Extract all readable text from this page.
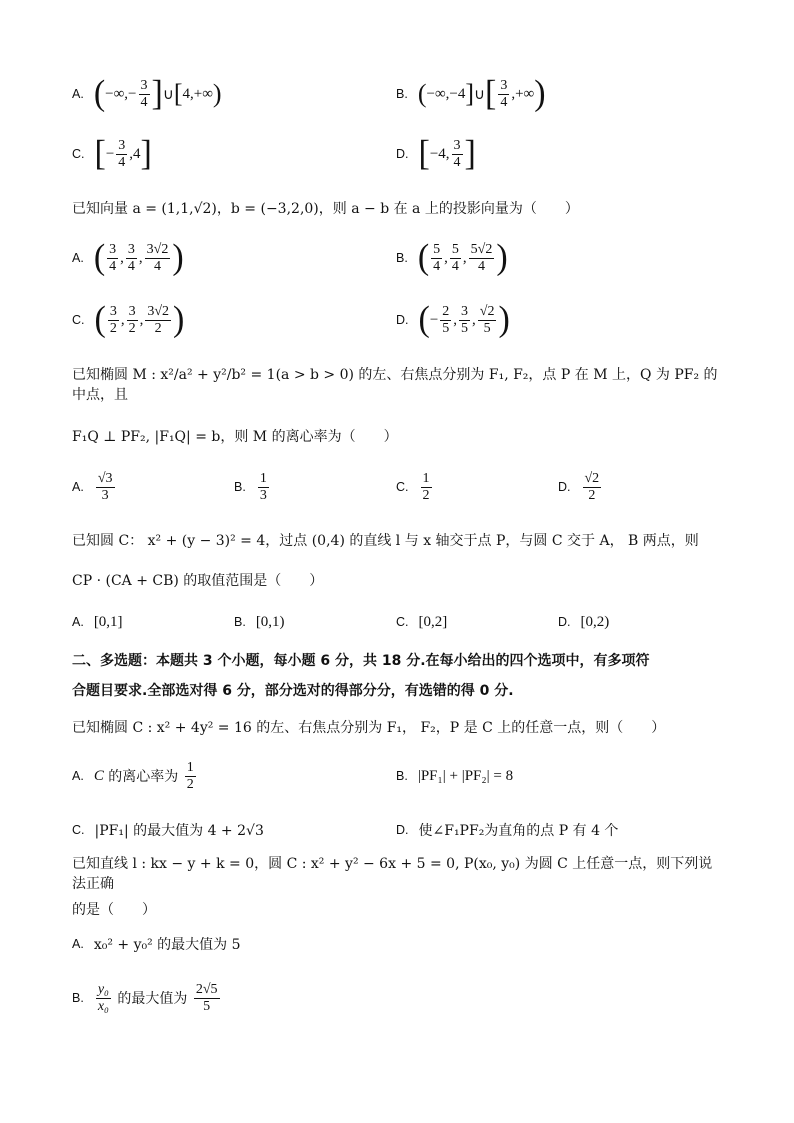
A. ( −∞,− $\frac{3}{4}$ ] ∪ [ 4,+∞ )	B. ( −∞,−4 ] ∪ [ $\frac{3}{4}$ ,+∞ )
C. [ − $\frac{3}{4} ,4$ ]	D. [ −4, $\frac{3}{4}$ ]
已知向量 a = (1,1,√2)，b = (−3,2,0)，则 a − b 在 a 上的投影向量为（　　）
A. ( $\frac{3}{4}$ , $\frac{3}{4}$ , $\frac{3√2}{4}$ )	B. ( $\frac{5}{4}$ , $\frac{5}{4}$ , $\frac{5√2}{4}$ )
C. ( $\frac{3}{2}$ , $\frac{3}{2}$ , $\frac{3√2}{2}$ )	D. ( − $\frac{2}{5}$ , $\frac{3}{5}$ , $\frac{√2}{5}$ )
已知椭圆 M : x²/a² + y²/b² = 1(a > b > 0) 的左、右焦点分别为 F₁, F₂，点 P 在 M 上，Q 为 PF₂ 的中点，且
F₁Q ⊥ PF₂, |F₁Q| = b，则 M 的离心率为（　　）
A. $\frac{√3}{3}$	B. $\frac{1}{3}$	C. $\frac{1}{2}$	D. $\frac{√2}{2}$
已知圆 C： x² + (y − 3)² = 4，过点 (0,4) 的直线 l 与 x 轴交于点 P，与圆 C 交于 A， B 两点，则
CP · (CA + CB) 的取值范围是（　　）
A. [0,1]	B. [0,1)	C. [0,2]	D. [0,2)
二、多选题：本题共 3 个小题，每小题 6 分，共 18 分.在每小给出的四个选项中，有多项符
合题目要求.全部选对得 6 分，部分选对的得部分分，有选错的得 0 分.
已知椭圆 C : x² + 4y² = 16 的左、右焦点分别为 F₁， F₂，P 是 C 上的任意一点，则（　　）
A. C 的离心率为 $\frac{1}{2}$	B. |PF₁| + |PF₂| = 8
C. |PF₁| 的最大值为 4 + 2√3	D. 使∠F₁PF₂为直角的点 P 有 4 个
已知直线 l : kx − y + k = 0，圆 C : x² + y² − 6x + 5 = 0, P(x₀, y₀) 为圆 C 上任意一点，则下列说法正确
的是（　　）
A. x₀² + y₀² 的最大值为 5
B. $\frac{\text{y₀}}{\text{x₀}}$ 的最大值为 $\frac{2√5}{5}$
